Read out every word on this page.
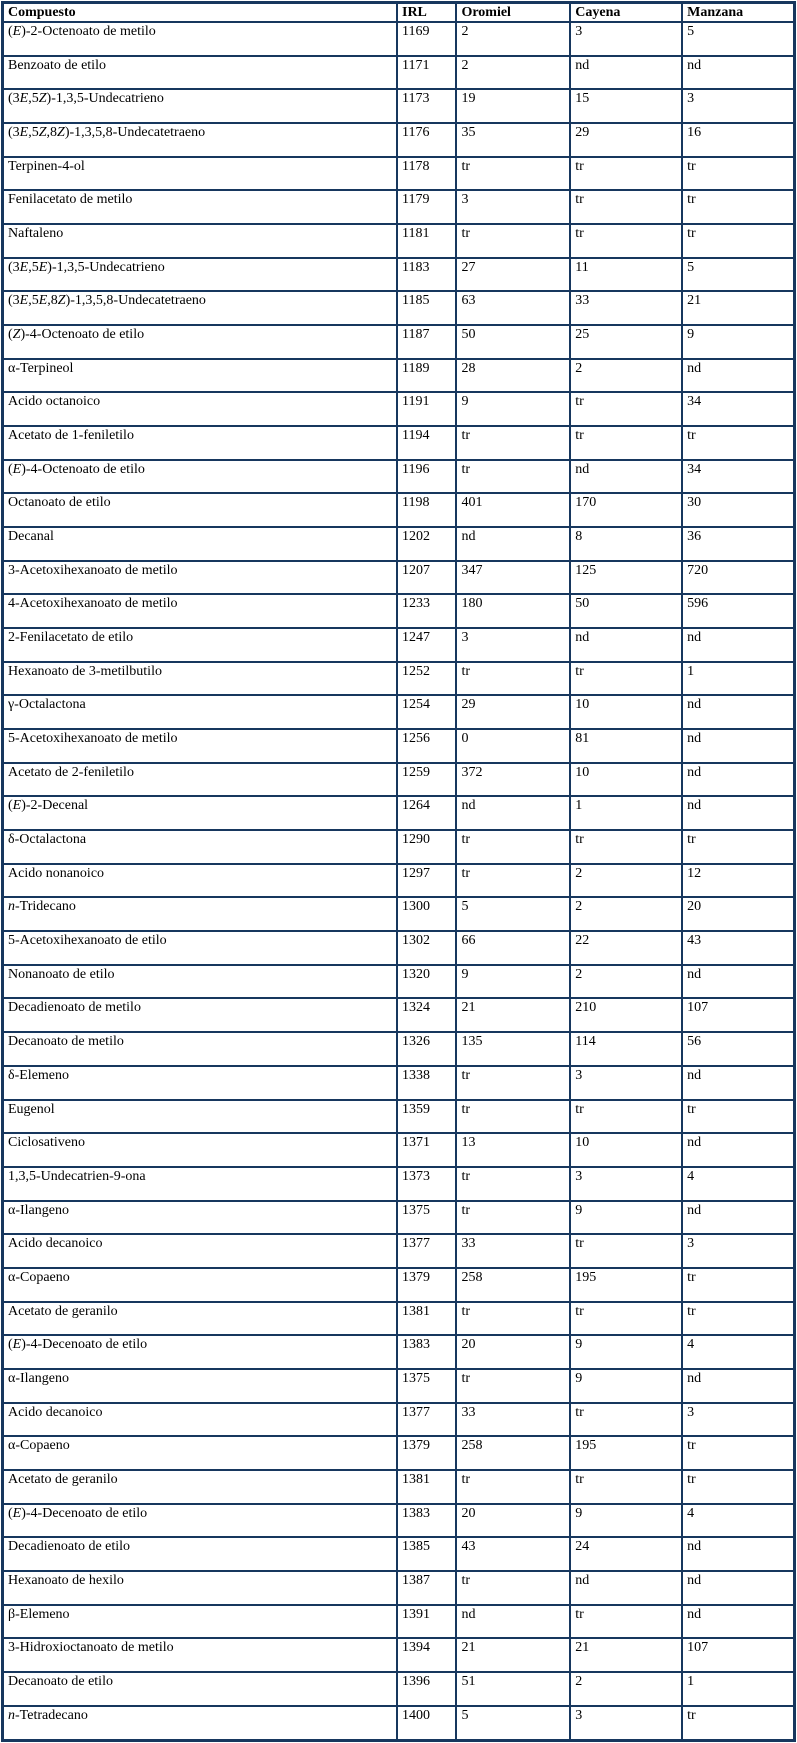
Compuesto	IRL	Oromiel	Cayena	Manzana
(E)-2-Octenoato de metilo	1169	2	3	5
Benzoato de etilo	1171	2	nd	nd
(3E,5Z)-1,3,5-Undecatrieno	1173	19	15	3
(3E,5Z,8Z)-1,3,5,8-Undecatetraeno	1176	35	29	16
Terpinen-4-ol	1178	tr	tr	tr
Fenilacetato de metilo	1179	3	tr	tr
Naftaleno	1181	tr	tr	tr
(3E,5E)-1,3,5-Undecatrieno	1183	27	11	5
(3E,5E,8Z)-1,3,5,8-Undecatetraeno	1185	63	33	21
(Z)-4-Octenoato de etilo	1187	50	25	9
α-Terpineol	1189	28	2	nd
Acido octanoico	1191	9	tr	34
Acetato de 1-feniletilo	1194	tr	tr	tr
(E)-4-Octenoato de etilo	1196	tr	nd	34
Octanoato de etilo	1198	401	170	30
Decanal	1202	nd	8	36
3-Acetoxihexanoato de metilo	1207	347	125	720
4-Acetoxihexanoato de metilo	1233	180	50	596
2-Fenilacetato de etilo	1247	3	nd	nd
Hexanoato de 3-metilbutilo	1252	tr	tr	1
γ-Octalactona	1254	29	10	nd
5-Acetoxihexanoato de metilo	1256	0	81	nd
Acetato de 2-feniletilo	1259	372	10	nd
(E)-2-Decenal	1264	nd	1	nd
δ-Octalactona	1290	tr	tr	tr
Acido nonanoico	1297	tr	2	12
n-Tridecano	1300	5	2	20
5-Acetoxihexanoato de etilo	1302	66	22	43
Nonanoato de etilo	1320	9	2	nd
Decadienoato de metilo	1324	21	210	107
Decanoato de metilo	1326	135	114	56
δ-Elemeno	1338	tr	3	nd
Eugenol	1359	tr	tr	tr
Ciclosativeno	1371	13	10	nd
1,3,5-Undecatrien-9-ona	1373	tr	3	4
α-Ilangeno	1375	tr	9	nd
Acido decanoico	1377	33	tr	3
α-Copaeno	1379	258	195	tr
Acetato de geranilo	1381	tr	tr	tr
(E)-4-Decenoato de etilo	1383	20	9	4
α-Ilangeno	1375	tr	9	nd
Acido decanoico	1377	33	tr	3
α-Copaeno	1379	258	195	tr
Acetato de geranilo	1381	tr	tr	tr
(E)-4-Decenoato de etilo	1383	20	9	4
Decadienoato de etilo	1385	43	24	nd
Hexanoato de hexilo	1387	tr	nd	nd
β-Elemeno	1391	nd	tr	nd
3-Hidroxioctanoato de metilo	1394	21	21	107
Decanoato de etilo	1396	51	2	1
n-Tetradecano	1400	5	3	tr
